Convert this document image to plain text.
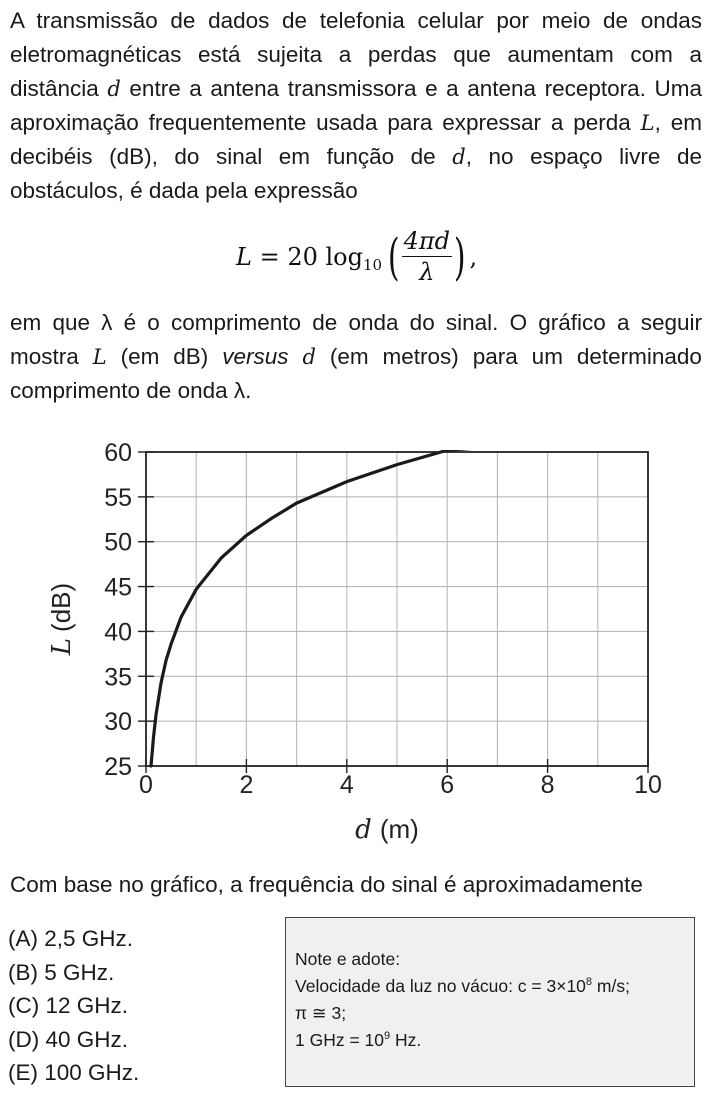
A transmissão de dados de telefonia celular por meio de ondas eletromagnéticas está sujeita a perdas que aumentam com a distância d entre a antena transmissora e a antena receptora. Uma aproximação frequentemente usada para expressar a perda L, em decibéis (dB), do sinal em função de d, no espaço livre de obstáculos, é dada pela expressão

L
= 20 log 10 ( $\frac{4\pi d}{\lambda}$ ) ,

em que λ é o comprimento de onda do sinal. O gráfico a seguir mostra L (em dB) versus d (em metros) para um determinado comprimento de onda λ.

25
30
35
40
45
50
55
60
0	2	4	6	8	10
d (m)
L(dB)

Com base no gráfico, a frequência do sinal é aproximadamente

(A) 2,5 GHz.
(B) 5 GHz.
(C) 12 GHz.
(D) 40 GHz.
(E) 100 GHz.
Note e adote:
Velocidade da luz no vácuo: $c = 3\times 10^8$ m/s;
π ≅ 3;
1 GHz = $10^9$ Hz.
